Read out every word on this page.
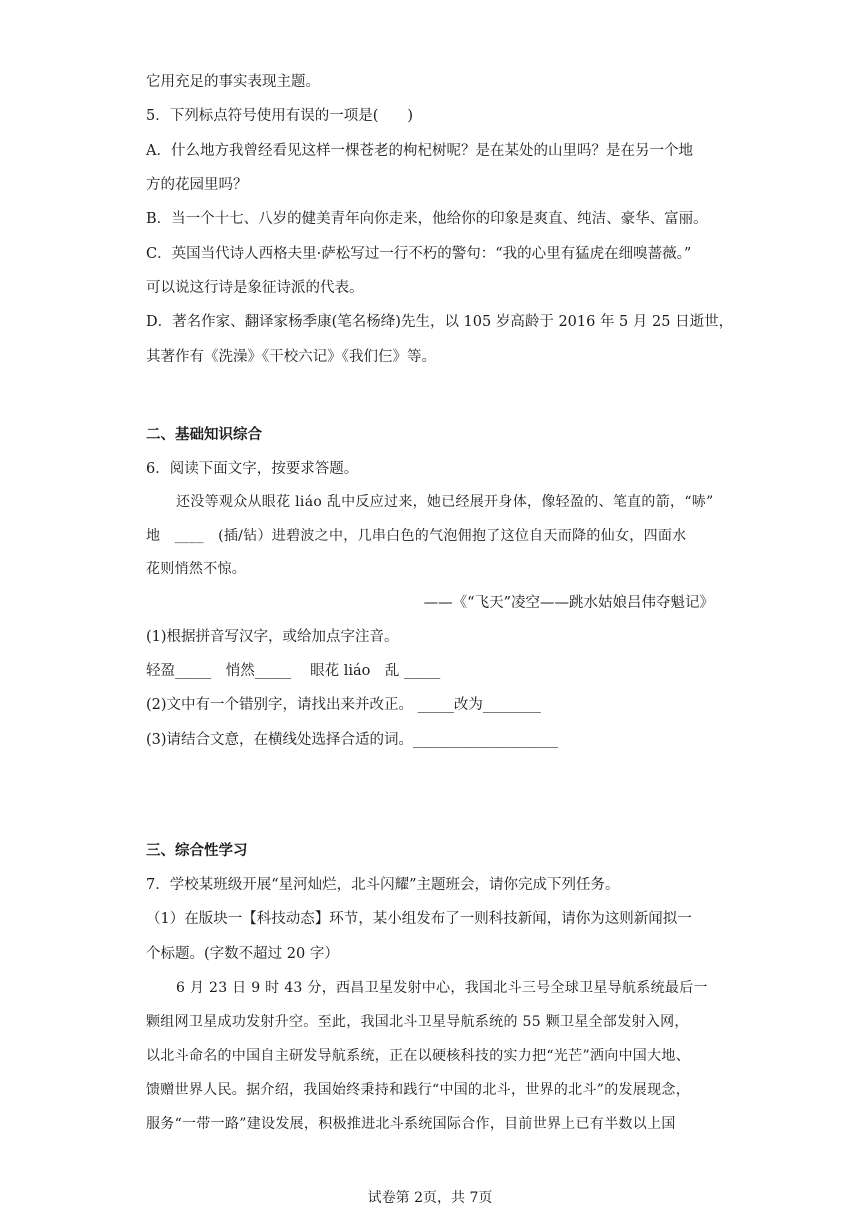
它用充足的事实表现主题。
5．下列标点符号使用有误的一项是(　　)
A．什么地方我曾经看见这样一棵苍老的枸杞树呢？是在某处的山里吗？是在另一个地
方的花园里吗？
B．当一个十七、八岁的健美青年向你走来，他给你的印象是爽直、纯洁、豪华、富丽。
C．英国当代诗人西格夫里·萨松写过一行不朽的警句：“我的心里有猛虎在细嗅蔷薇。”
可以说这行诗是象征诗派的代表。
D．著名作家、翻译家杨季康(笔名杨绛)先生，以 105 岁高龄于 2016 年 5 月 25 日逝世，
其著作有《洗澡》《干校六记》《我们仨》等。
二、基础知识综合
6．阅读下面文字，按要求答题。
还没等观众从眼花 liáo 乱中反应过来，她已经展开身体，像轻盈的、笔直的箭，“哧”
地　____　(插/钻）进碧波之中，几串白色的气泡佣抱了这位自天而降的仙女，四面水
花则悄然不惊。
——《“飞天”凌空——跳水姑娘吕伟夺魁记》
(1)根据拼音写汉字，或给加点字注音。
轻盈_____　悄然_____　 眼花 liáo　乱 _____
(2)文中有一个错别字，请找出来并改正。 _____改为________
(3)请结合文意，在横线处选择合适的词。____________________
三、综合性学习
7．学校某班级开展“星河灿烂，北斗闪耀”主题班会，请你完成下列任务。
（1）在版块一【科技动态】环节，某小组发布了一则科技新闻，请你为这则新闻拟一
个标题。(字数不超过 20 字）
6 月 23 日 9 时 43 分，西昌卫星发射中心，我国北斗三号全球卫星导航系统最后一
颗组网卫星成功发射升空。至此，我国北斗卫星导航系统的 55 颗卫星全部发射入网，
以北斗命名的中国自主研发导航系统，正在以硬核科技的实力把“光芒”洒向中国大地、
馈赠世界人民。据介绍，我国始终秉持和践行“中国的北斗，世界的北斗”的发展现念，
服务“一带一路”建设发展，积极推进北斗系统国际合作，目前世界上已有半数以上国
试卷第 2页，共 7页
